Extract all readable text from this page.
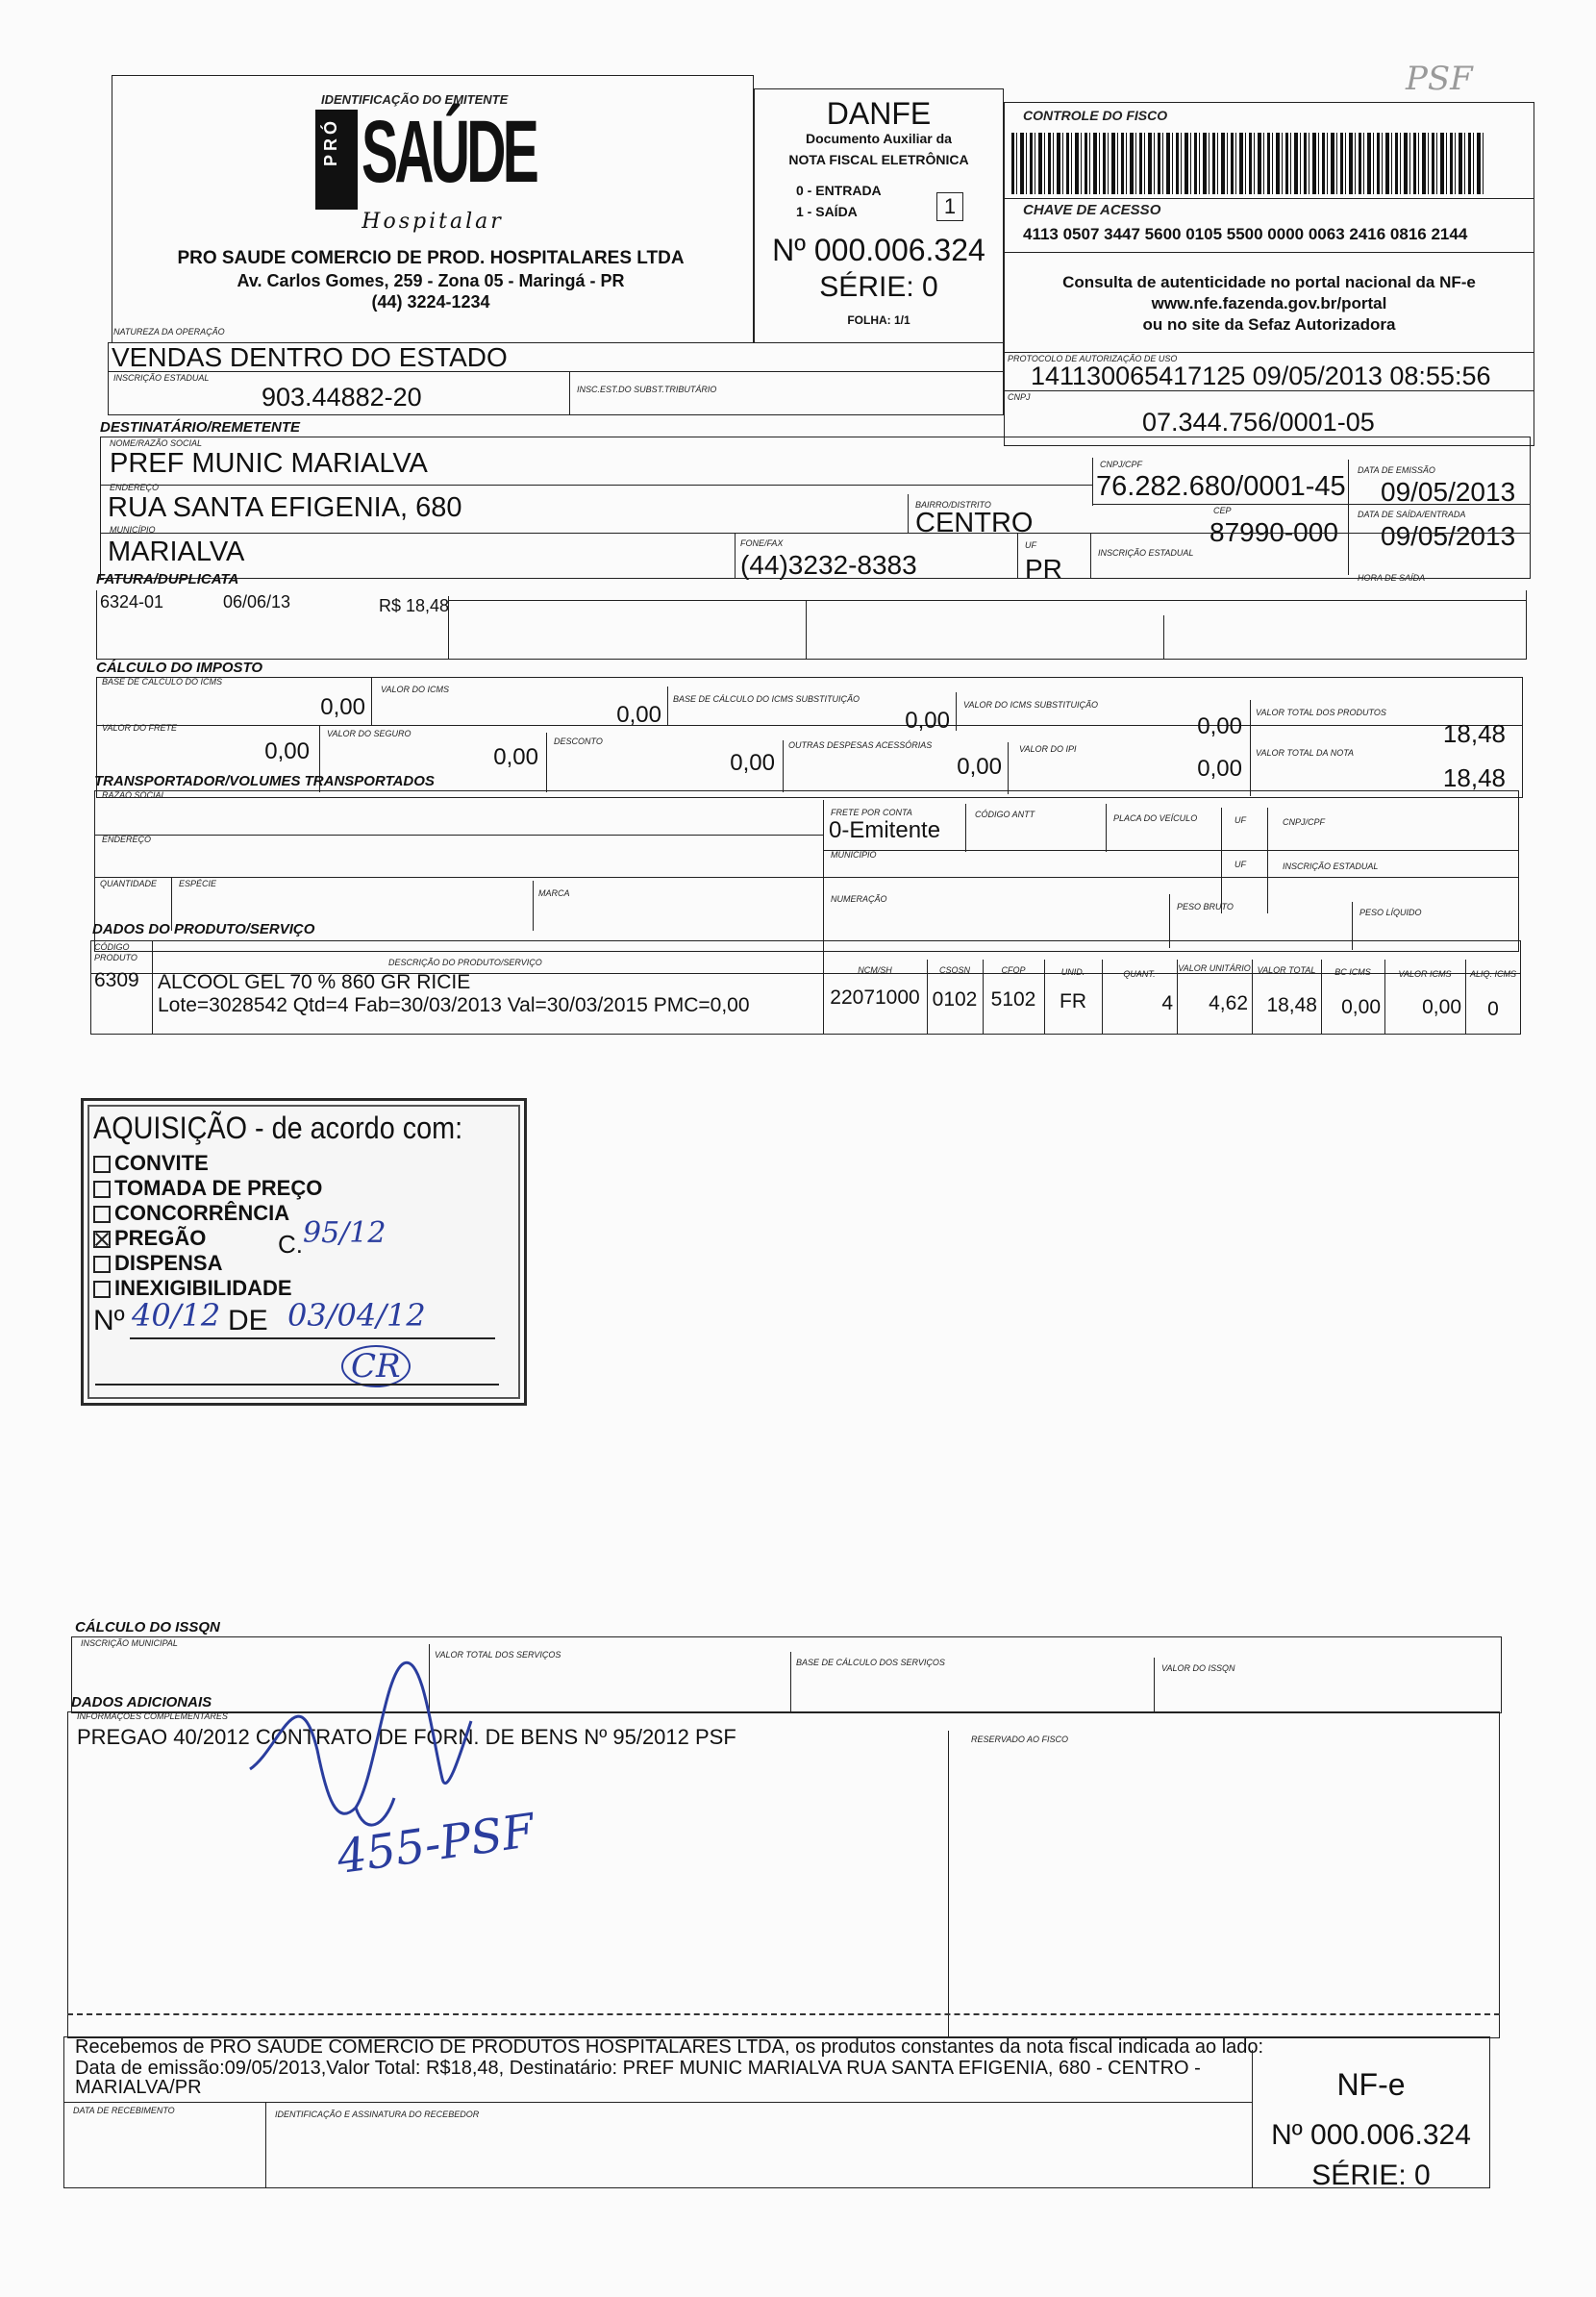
PSF
IDENTIFICAÇÃO DO EMITENTE
PRÓ SAÚDE
Hospitalar
PRO SAUDE COMERCIO DE PROD. HOSPITALARES LTDA
Av. Carlos Gomes, 259 - Zona 05 - Maringá - PR
(44) 3224-1234
DANFE
Documento Auxiliar da
NOTA FISCAL ELETRÔNICA
0 - ENTRADA
1 - SAÍDA	1
Nº 000.006.324
SÉRIE: 0
FOLHA: 1/1
CONTROLE DO FISCO
CHAVE DE ACESSO
4113 0507 3447 5600 0105 5500 0000 0063 2416 0816 2144
Consulta de autenticidade no portal nacional da NF-e
www.nfe.fazenda.gov.br/portal
ou no site da Sefaz Autorizadora
PROTOCOLO DE AUTORIZAÇÃO DE USO
141130065417125 09/05/2013 08:55:56
CNPJ
07.344.756/0001-05
NATUREZA DA OPERAÇÃO
VENDAS DENTRO DO ESTADO
INSCRIÇÃO ESTADUAL
903.44882-20	INSC.EST.DO SUBST.TRIBUTÁRIO
DESTINATÁRIO/REMETENTE
NOME/RAZÃO SOCIAL
PREF MUNIC MARIALVA	CNPJ/CPF
76.282.680/0001-45
DATA DE EMISSÃO
09/05/2013
ENDEREÇO
RUA SANTA EFIGENIA, 680	BAIRRO/DISTRITO
CENTRO	CEP
87990-000
DATA DE SAÍDA/ENTRADA
09/05/2013
MUNICÍPIO
MARIALVA	FONE/FAX
(44)3232-8383
UF
PR
INSCRIÇÃO ESTADUAL
HORA DE SAÍDA
FATURA/DUPLICATA
6324-01	06/06/13	R$ 18,48
CÁLCULO DO IMPOSTO
BASE DE CÁLCULO DO ICMS
0,00
VALOR DO ICMS
0,00
BASE DE CÁLCULO DO ICMS SUBSTITUIÇÃO
0,00
VALOR DO ICMS SUBSTITUIÇÃO
0,00
VALOR TOTAL DOS PRODUTOS
18,48
VALOR DO FRETE
0,00
VALOR DO SEGURO
0,00
DESCONTO
0,00
OUTRAS DESPESAS ACESSÓRIAS
0,00
VALOR DO IPI
0,00
VALOR TOTAL DA NOTA
18,48
TRANSPORTADOR/VOLUMES TRANSPORTADOS
RAZÃO SOCIAL
FRETE POR CONTA
0-Emitente
CÓDIGO ANTT	PLACA DO VEÍCULO	UF	CNPJ/CPF
ENDEREÇO
MUNICÍPIO
UF	INSCRIÇÃO ESTADUAL
QUANTIDADE	ESPÉCIE
MARCA
NUMERAÇÃO
PESO BRUTO
PESO LÍQUIDO
DADOS DO PRODUTO/SERVIÇO
CÓDIGO PRODUTO	DESCRIÇÃO DO PRODUTO/SERVIÇO
NCM/SH	CSOSN	CFOP	UNID.	QUANT.
VALOR UNITÁRIO VALOR TOTAL	BC ICMS	VALOR ICMS	ALIQ. ICMS
6309 ALCOOL GEL 70 % 860 GR RICIE
Lote=3028542 Qtd=4 Fab=30/03/2013 Val=30/03/2015 PMC=0,00	22071000 0102 5102	FR	4	4,62 18,48	0,00	0,00	0
AQUISIÇÃO - de acordo com:
CONVITE
TOMADA DE PREÇO
CONCORRÊNCIA
PREGÃO
DISPENSA
INEXIGIBILIDADE
C. 95/12
Nº 40/12 DE 03/04/12
CR
CÁLCULO DO ISSQN
INSCRIÇÃO MUNICIPAL
VALOR TOTAL DOS SERVIÇOS
BASE DE CÁLCULO DOS SERVIÇOS
VALOR DO ISSQN
DADOS ADICIONAIS
INFORMAÇÕES COMPLEMENTARES
PREGAO 40/2012 CONTRATO DE FORN. DE BENS Nº 95/2012 PSF	RESERVADO AO FISCO
455-PSF
Recebemos de PRO SAUDE COMERCIO DE PRODUTOS HOSPITALARES LTDA, os produtos constantes da nota fiscal indicada ao lado:
Data de emissão:09/05/2013,Valor Total: R$18,48, Destinatário: PREF MUNIC MARIALVA RUA SANTA EFIGENIA, 680 - CENTRO -
MARIALVA/PR
DATA DE RECEBIMENTO	IDENTIFICAÇÃO E ASSINATURA DO RECEBEDOR
NF-e
Nº 000.006.324
SÉRIE: 0
